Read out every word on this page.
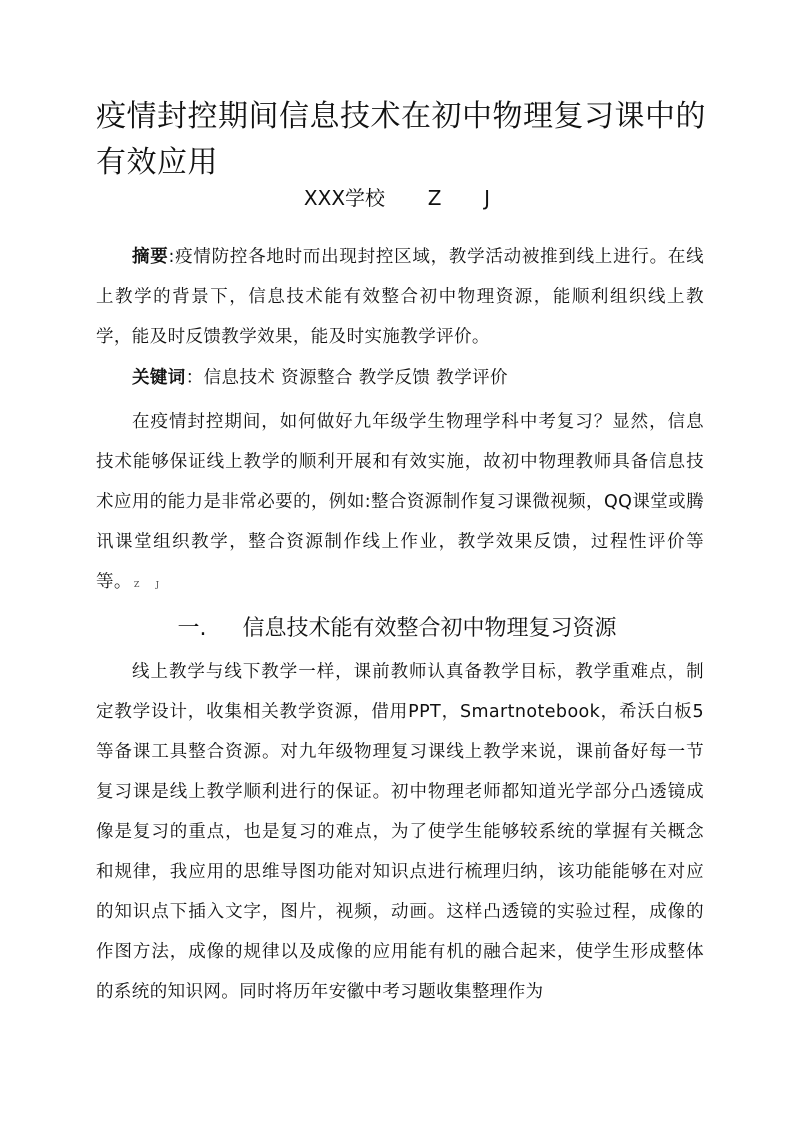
疫情封控期间信息技术在初中物理复习课中的有效应用
XXX学校 Z J

摘要:疫情防控各地时而出现封控区域，教学活动被推到线上进行。在线上教学的背景下，信息技术能有效整合初中物理资源，能顺利组织线上教学，能及时反馈教学效果，能及时实施教学评价。

关键词：信息技术 资源整合 教学反馈 教学评价

在疫情封控期间，如何做好九年级学生物理学科中考复习？显然，信息技术能够保证线上教学的顺利开展和有效实施，故初中物理教师具备信息技术应用的能力是非常必要的，例如:整合资源制作复习课微视频，QQ课堂或腾讯课堂组织教学，整合资源制作线上作业，教学效果反馈，过程性评价等等。 Z J

一. 信息技术能有效整合初中物理复习资源

线上教学与线下教学一样，课前教师认真备教学目标，教学重难点，制定教学设计，收集相关教学资源，借用PPT，Smartnotebook，希沃白板5等备课工具整合资源。对九年级物理复习课线上教学来说，课前备好每一节复习课是线上教学顺利进行的保证。初中物理老师都知道光学部分凸透镜成像是复习的重点，也是复习的难点，为了使学生能够较系统的掌握有关概念和规律，我应用的思维导图功能对知识点进行梳理归纳，该功能能够在对应的知识点下插入文字，图片，视频，动画。这样凸透镜的实验过程，成像的作图方法，成像的规律以及成像的应用能有机的融合起来，使学生形成整体的系统的知识网。同时将历年安徽中考习题收集整理作为
